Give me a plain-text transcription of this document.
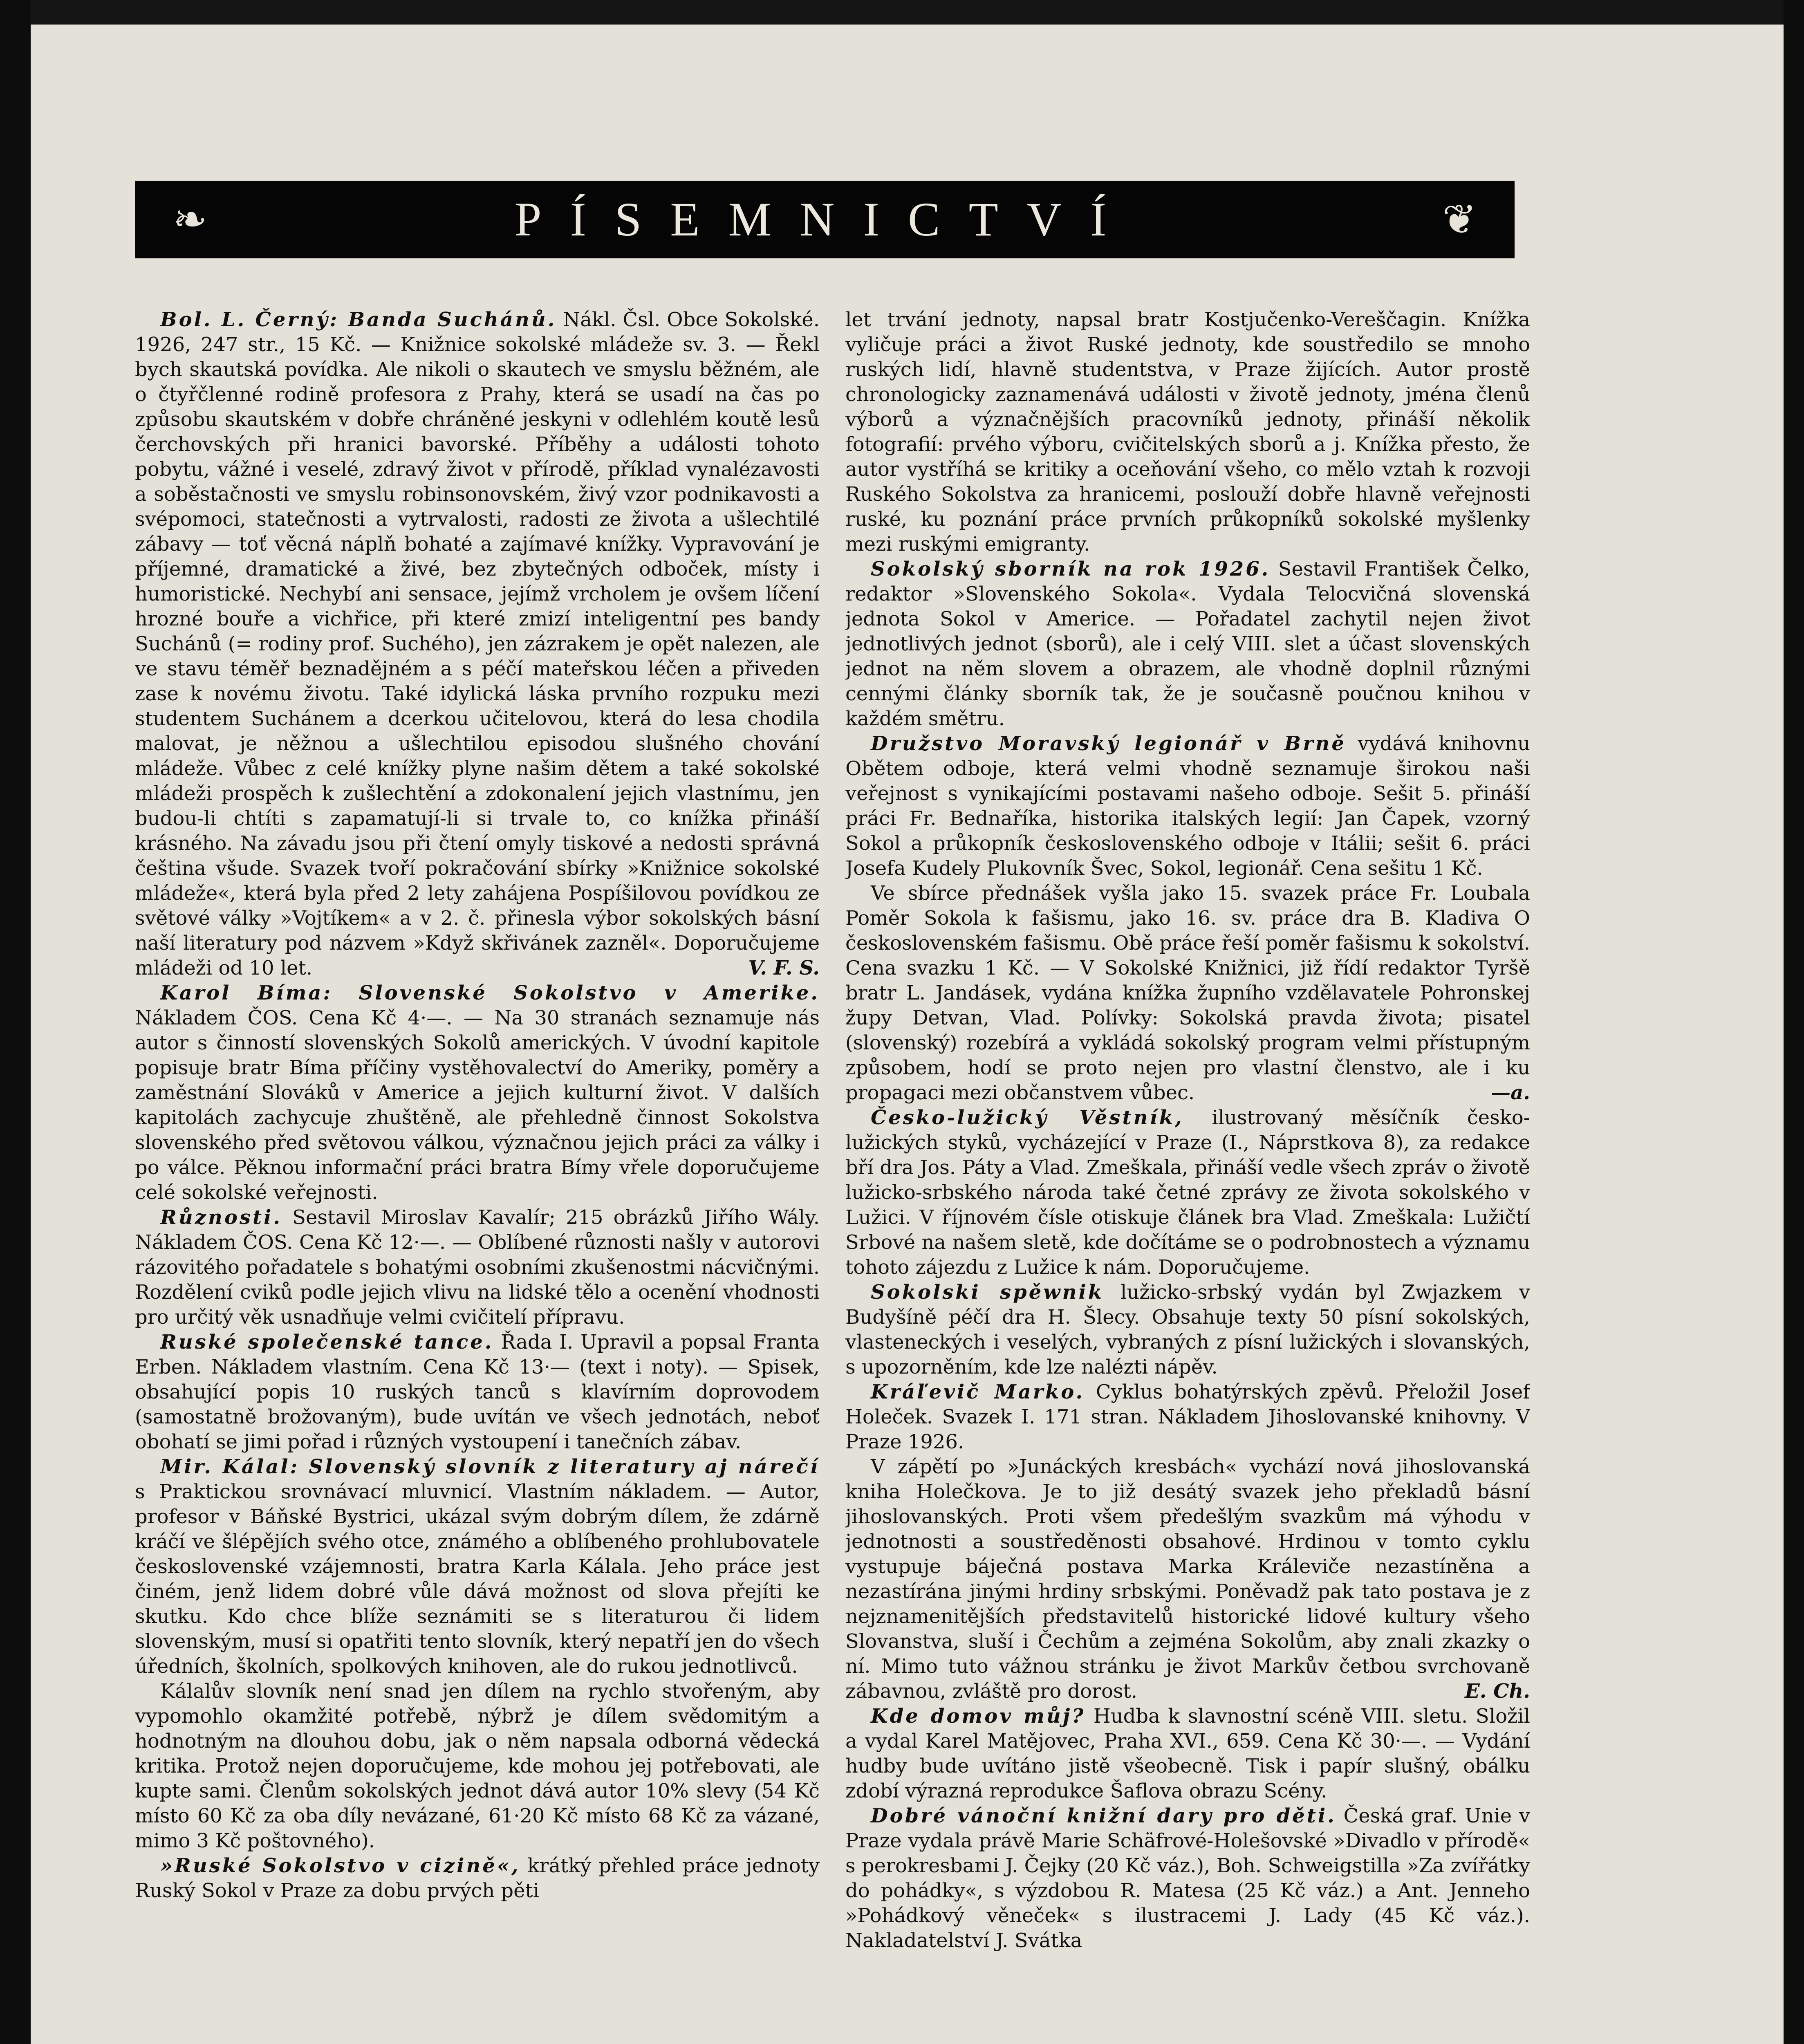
❧	PÍSEMNICTVÍ	❦

Bol. L. Černý: Banda Suchánů. Nákl. Čsl. Obce Sokolské. 1926, 247 str., 15 Kč. — Knižnice sokolské mládeže sv. 3. — Řekl bych skautská povídka. Ale nikoli o skautech ve smyslu běžném, ale o čtyřčlenné rodině profesora z Prahy, která se usadí na čas po způsobu skautském v dobře chráněné jeskyni v odlehlém koutě lesů čerchovských při hranici bavorské. Příběhy a události tohoto pobytu, vážné i veselé, zdravý život v přírodě, příklad vynalézavosti a soběstačnosti ve smyslu robinsonovském, živý vzor podnikavosti a svépomoci, statečnosti a vytrvalosti, radosti ze života a ušlechtilé zábavy — toť věcná náplň bohaté a zajímavé knížky. Vypravování je příjemné, dramatické a živé, bez zbytečných odboček, místy i humoristické. Nechybí ani sensace, jejímž vrcholem je ovšem líčení hrozné bouře a vichřice, při které zmizí inteligentní pes bandy Suchánů (= rodiny prof. Suchého), jen zázrakem je opět nalezen, ale ve stavu téměř beznadějném a s péčí mateřskou léčen a přiveden zase k novému životu. Také idylická láska prvního rozpuku mezi studentem Suchánem a dcerkou učitelovou, která do lesa chodila malovat, je něžnou a ušlechtilou episodou slušného chování mládeže. Vůbec z celé knížky plyne našim dětem a také sokolské mládeži prospěch k zušlechtění a zdokonalení jejich vlastnímu, jen budou-li chtíti s zapamatují-li si trvale to, co knížka přináší krásného. Na závadu jsou při čtení omyly tiskové a nedosti správná čeština všude. Svazek tvoří pokračování sbírky »Knižnice sokolské mládeže«, která byla před 2 lety zahájena Pospíšilovou povídkou ze světové války »Vojtíkem« a v 2. č. přinesla výbor sokolských básní naší literatury pod názvem »Když skřivánek zazněl«. Doporučujeme mládeži od 10 let.	V. F. S.

Karol Bíma: Slovenské Sokolstvo v Amerike. Nákladem ČOS. Cena Kč 4·—. — Na 30 stranách seznamuje nás autor s činností slovenských Sokolů amerických. V úvodní kapitole popisuje bratr Bíma příčiny vystěhovalectví do Ameriky, poměry a zaměstnání Slováků v Americe a jejich kulturní život. V dalších kapitolách zachycuje zhuštěně, ale přehledně činnost Sokolstva slovenského před světovou válkou, význačnou jejich práci za války i po válce. Pěknou informační práci bratra Bímy vřele doporučujeme celé sokolské veřejnosti.

Různosti. Sestavil Miroslav Kavalír; 215 obrázků Jiřího Wály. Nákladem ČOS. Cena Kč 12·—. — Oblíbené různosti našly v autorovi rázovitého pořadatele s bohatými osobními zkušenostmi nácvičnými. Rozdělení cviků podle jejich vlivu na lidské tělo a ocenění vhodnosti pro určitý věk usnadňuje velmi cvičitelí přípravu.

Ruské společenské tance. Řada I. Upravil a popsal Franta Erben. Nákladem vlastním. Cena Kč 13·— (text i noty). — Spisek, obsahující popis 10 ruských tanců s klavírním doprovodem (samostatně brožovaným), bude uvítán ve všech jednotách, neboť obohatí se jimi pořad i různých vystoupení i tanečních zábav.

Mir. Kálal: Slovenský slovník z literatury aj nárečí s Praktickou srovnávací mluvnicí. Vlastním nákladem. — Autor, profesor v Báňské Bystrici, ukázal svým dobrým dílem, že zdárně kráčí ve šlépějích svého otce, známého a oblíbeného prohlubovatele československé vzájemnosti, bratra Karla Kálala. Jeho práce jest činém, jenž lidem dobré vůle dává možnost od slova přejíti ke skutku. Kdo chce blíže seznámiti se s literaturou či lidem slovenským, musí si opatřiti tento slovník, který nepatří jen do všech úředních, školních, spolkových knihoven, ale do rukou jednotlivců.

Kálalův slovník není snad jen dílem na rychlo stvořeným, aby vypomohlo okamžité potřebě, nýbrž je dílem svědomitým a hodnotným na dlouhou dobu, jak o něm napsala odborná vědecká kritika. Protož nejen doporučujeme, kde mohou jej potřebovati, ale kupte sami. Členům sokolských jednot dává autor 10% slevy (54 Kč místo 60 Kč za oba díly nevázané, 61·20 Kč místo 68 Kč za vázané, mimo 3 Kč poštovného).

»Ruské Sokolstvo v cizině«, krátký přehled práce jednoty Ruský Sokol v Praze za dobu prvých pěti

let trvání jednoty, napsal bratr Kostjučenko-Vereščagin. Knížka vyličuje práci a život Ruské jednoty, kde soustředilo se mnoho ruských lidí, hlavně studentstva, v Praze žijících. Autor prostě chronologicky zaznamenává události v životě jednoty, jména členů výborů a význačnějších pracovníků jednoty, přináší několik fotografií: prvého výboru, cvičitelských sborů a j. Knížka přesto, že autor vystříhá se kritiky a oceňování všeho, co mělo vztah k rozvoji Ruského Sokolstva za hranicemi, poslouží dobře hlavně veřejnosti ruské, ku poznání práce prvních průkopníků sokolské myšlenky mezi ruskými emigranty.

Sokolský sborník na rok 1926. Sestavil František Čelko, redaktor »Slovenského Sokola«. Vydala Telocvičná slovenská jednota Sokol v Americe. — Pořadatel zachytil nejen život jednotlivých jednot (sborů), ale i celý VIII. slet a účast slovenských jednot na něm slovem a obrazem, ale vhodně doplnil různými cennými články sborník tak, že je současně poučnou knihou v každém smětru.

Družstvo Moravský legionář v Brně vydává knihovnu Obětem odboje, která velmi vhodně seznamuje širokou naši veřejnost s vynikajícími postavami našeho odboje. Sešit 5. přináší práci Fr. Bednaříka, historika italských legií: Jan Čapek, vzorný Sokol a průkopník československého odboje v Itálii; sešit 6. práci Josefa Kudely Plukovník Švec, Sokol, legionář. Cena sešitu 1 Kč.

Ve sbírce přednášek vyšla jako 15. svazek práce Fr. Loubala Poměr Sokola k fašismu, jako 16. sv. práce dra B. Kladiva O československém fašismu. Obě práce řeší poměr fašismu k sokolství. Cena svazku 1 Kč. — V Sokolské Knižnici, již řídí redaktor Tyršě bratr L. Jandásek, vydána knížka župního vzdělavatele Pohronskej župy Detvan, Vlad. Polívky: Sokolská pravda života; pisatel (slovenský) rozebírá a vykládá sokolský program velmi přístupným způsobem, hodí se proto nejen pro vlastní členstvo, ale i ku propagaci mezi občanstvem vůbec.	—a.

Česko-lužický Věstník, ilustrovaný měsíčník česko-lužických styků, vycházející v Praze (I., Náprstkova 8), za redakce bří dra Jos. Páty a Vlad. Zmeškala, přináší vedle všech zpráv o životě lužicko-srbského národa také četné zprávy ze života sokolského v Lužici. V říjnovém čísle otiskuje článek bra Vlad. Zmeškala: Lužičtí Srbové na našem sletě, kde dočítáme se o podrobnostech a významu tohoto zájezdu z Lužice k nám. Doporučujeme.

Sokolski spěwnik lužicko-srbský vydán byl Zwjazkem v Budyšíně péčí dra H. Šlecy. Obsahuje texty 50 písní sokolských, vlasteneckých i veselých, vybraných z písní lužických i slovanských, s upozorněním, kde lze nalézti nápěv.

Kráľevič Marko. Cyklus bohatýrských zpěvů. Přeložil Josef Holeček. Svazek I. 171 stran. Nákladem Jihoslovanské knihovny. V Praze 1926.

V zápětí po »Junáckých kresbách« vychází nová jihoslovanská kniha Holečkova. Je to již desátý svazek jeho překladů básní jihoslovanských. Proti všem předešlým svazkům má výhodu v jednotnosti a soustředěnosti obsahové. Hrdinou v tomto cyklu vystupuje báječná postava Marka Králeviče nezastíněna a nezastírána jinými hrdiny srbskými. Poněvadž pak tato postava je z nejznamenitějších představitelů historické lidové kultury všeho Slovanstva, sluší i Čechům a zejména Sokolům, aby znali zkazky o ní. Mimo tuto vážnou stránku je život Markův četbou svrchovaně zábavnou, zvláště pro dorost.	E. Ch.

Kde domov můj? Hudba k slavnostní scéně VIII. sletu. Složil a vydal Karel Matějovec, Praha XVI., 659. Cena Kč 30·—. — Vydání hudby bude uvítáno jistě všeobecně. Tisk i papír slušný, obálku zdobí výrazná reprodukce Šaflova obrazu Scény.

Dobré vánoční knižní dary pro děti. Česká graf. Unie v Praze vydala právě Marie Schäfrové-Holešovské »Divadlo v přírodě« s perokresbami J. Čejky (20 Kč váz.), Boh. Schweigstilla »Za zvířátky do pohádky«, s výzdobou R. Matesa (25 Kč váz.) a Ant. Jenneho »Pohádkový věneček« s ilustracemi J. Lady (45 Kč váz.). Nakladatelství J. Svátka
